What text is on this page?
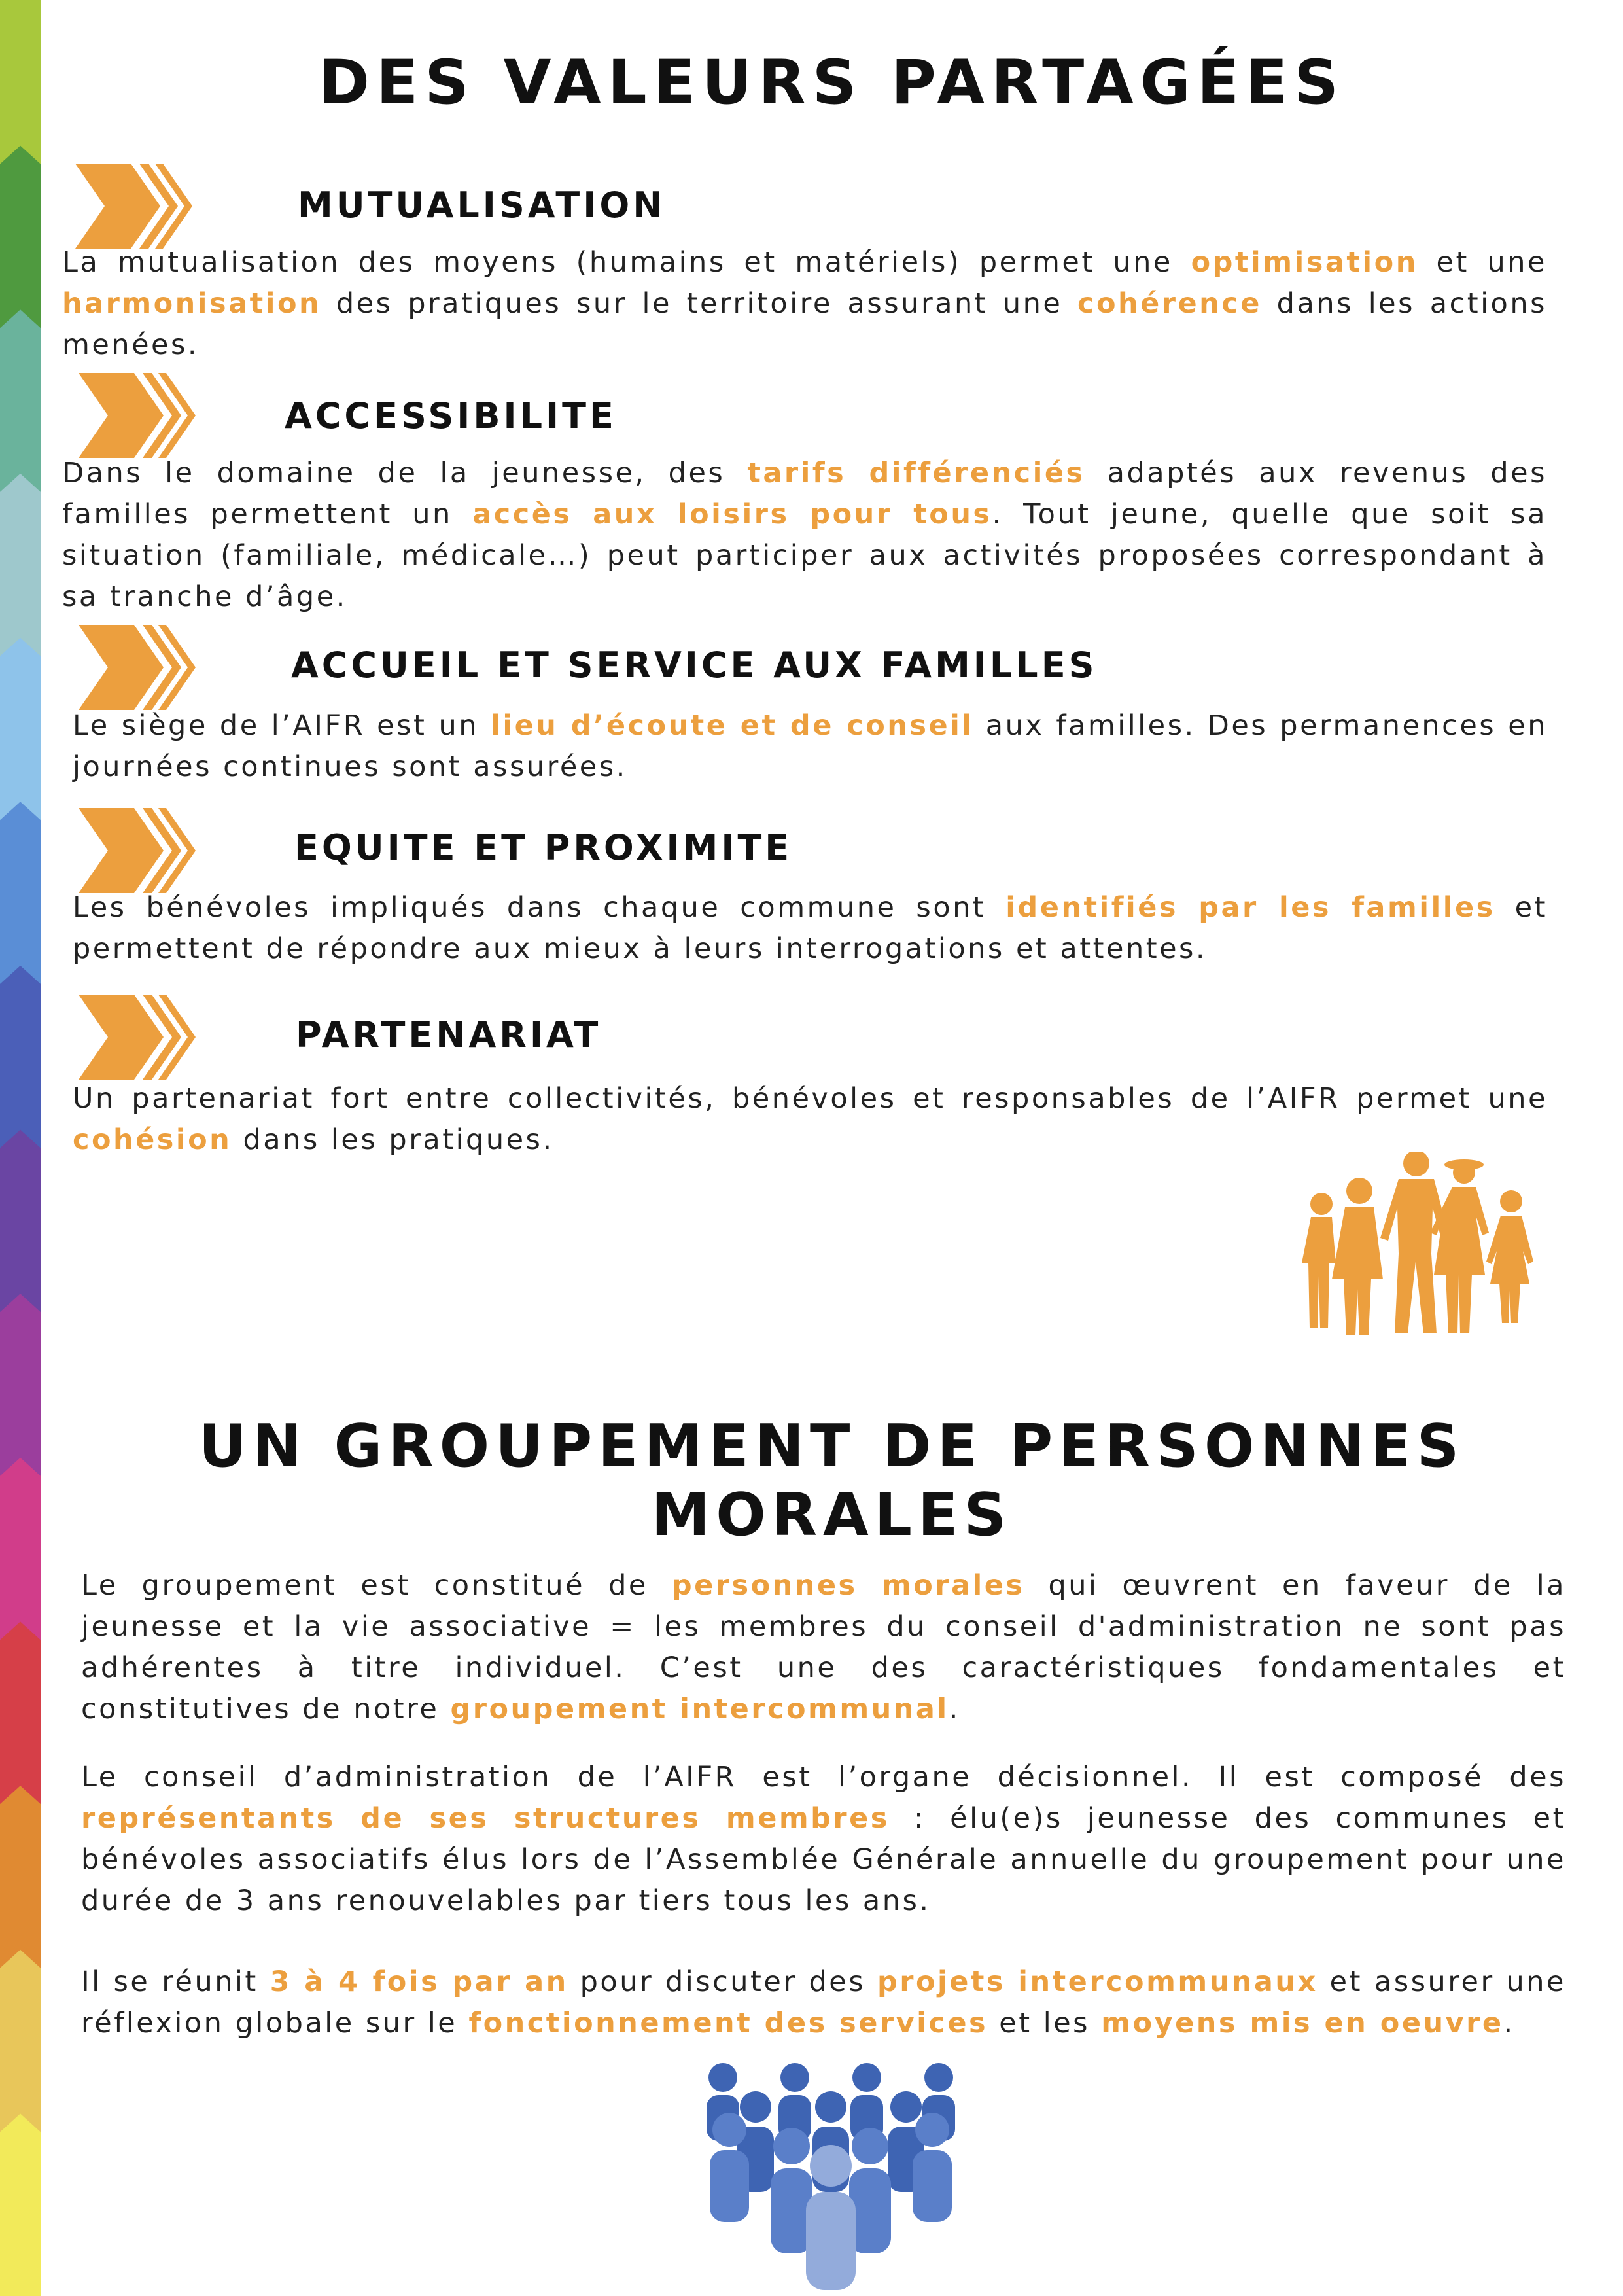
DES VALEURS PARTAGÉES
MUTUALISATION

La mutualisation des moyens (humains et matériels) permet une optimisation et une harmonisation des pratiques sur le territoire assurant une cohérence dans les actions menées.

ACCESSIBILITE

Dans le domaine de la jeunesse, des tarifs différenciés adaptés aux revenus des familles permettent un accès aux loisirs pour tous. Tout jeune, quelle que soit sa situation (familiale, médicale…) peut participer aux activités proposées correspondant à sa tranche d’âge.

ACCUEIL ET SERVICE AUX FAMILLES

Le siège de l’AIFR est un lieu d’écoute et de conseil aux familles. Des permanences en journées continues sont assurées.

EQUITE ET PROXIMITE

Les bénévoles impliqués dans chaque commune sont identifiés par les familles et permettent de répondre aux mieux à leurs interrogations et attentes.

PARTENARIAT

Un partenariat fort entre collectivités, bénévoles et responsables de l’AIFR permet une cohésion dans les pratiques.

UN GROUPEMENT DE PERSONNES MORALES

Le groupement est constitué de personnes morales qui œuvrent en faveur de la jeunesse et la vie associative = les membres du conseil d'administration ne sont pas adhérentes à titre individuel. C’est une des caractéristiques fondamentales et constitutives de notre groupement intercommunal.

Le conseil d’administration de l’AIFR est l’organe décisionnel. Il est composé des représentants de ses structures membres : élu(e)s jeunesse des communes et bénévoles associatifs élus lors de l’Assemblée Générale annuelle du groupement pour une durée de 3 ans renouvelables par tiers tous les ans.

Il se réunit 3 à 4 fois par an pour discuter des projets intercommunaux et assurer une réflexion globale sur le fonctionnement des services et les moyens mis en oeuvre.
